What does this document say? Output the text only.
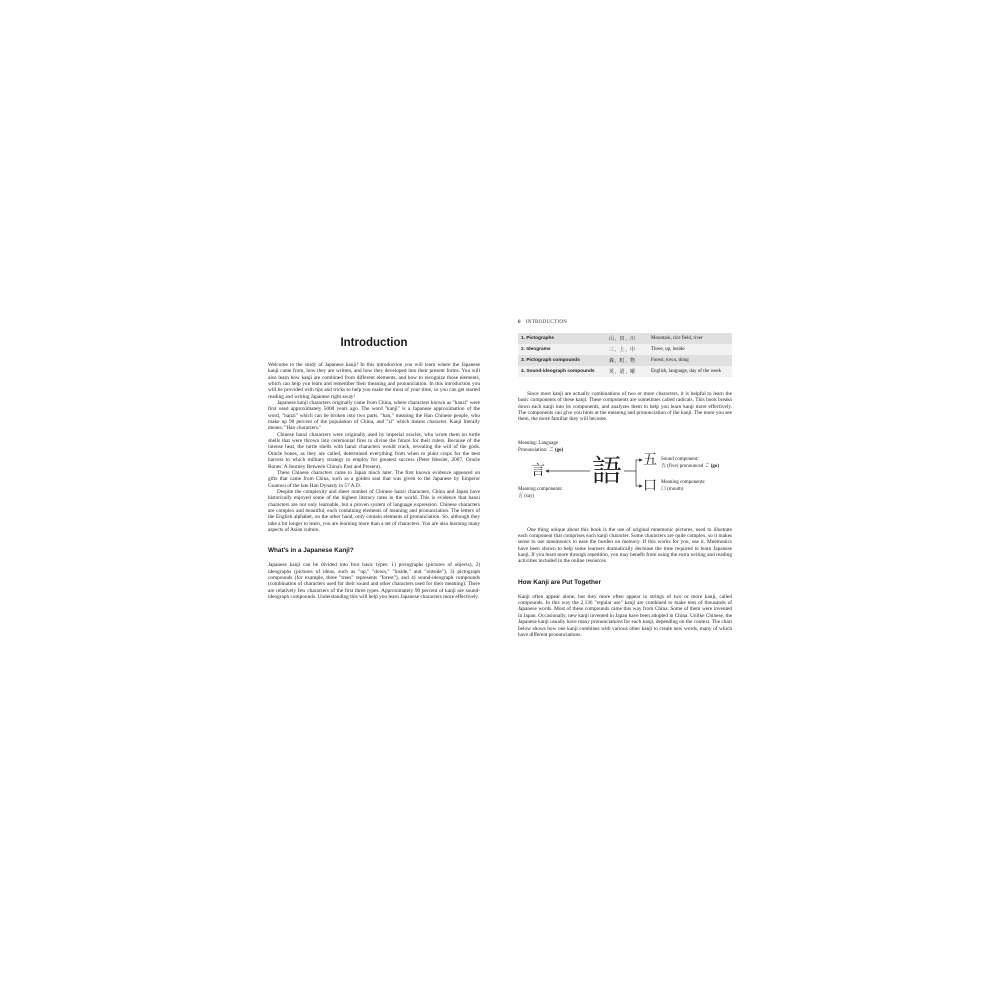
Introduction

Welcome to the study of Japanese kanji! In this introduction you will learn where the Japanese kanji came from, how they are written, and how they developed into their present forms. You will also learn how kanji are combined from different elements, and how to recognize those elements, which can help you learn and remember their meaning and pronunciation. In this introduction you will be provided with tips and tricks to help you make the most of your time, so you can get started reading and writing Japanese right away!

Japanese kanji characters originally came from China, where characters known as "hanzi" were first used approximately 5000 years ago. The word "kanji" is a Japanese approximation of the word, "hanzi" which can be broken into two parts, "han," meaning the Han Chinese people, who make up 90 percent of the population of China, and "zi" which means character. Kanji literally means, "Han characters."

Chinese hanzi characters were originally used by imperial oracles, who wrote them on turtle shells that were thrown into ceremonial fires to divine the future for their rulers. Because of the intense heat, the turtle shells with hanzi characters would crack, revealing the will of the gods. Oracle bones, as they are called, determined everything from when to plant crops for the best harvest to which military strategy to employ for greatest success (Peter Hessler, 2007, Oracle Bones: A Journey Between China's Past and Present).

These Chinese characters came to Japan much later. The first known evidence appeared on gifts that came from China, such as a golden seal that was given to the Japanese by Emperor Guanwu of the late Han Dynasty in 57 A.D.

Despite the complexity and sheer number of Chinese hanzi characters, China and Japan have historically enjoyed some of the highest literacy rates in the world. This is evidence that hanzi characters are not only learnable, but a proven system of language expression. Chinese characters are complex and beautiful, each containing elements of meaning and pronunciation. The letters of the English alphabet, on the other hand, only contain elements of pronunciation. So, although they take a bit longer to learn, you are learning more than a set of characters. You are also learning many aspects of Asian culture.

What's in a Japanese Kanji?

Japanese kanji can be divided into four basic types: 1) pictographs (pictures of objects), 2) ideographs (pictures of ideas, such as "up," "down," "inside," and "outside"), 3) pictograph compounds (for example, three "trees" represents "forest"), and 4) sound-ideograph compounds (combination of characters used for their sound and other characters used for their meaning). There are relatively few characters of the first three types. Approximately 90 percent of kanji are sound-ideograph compounds. Understanding this will help you learn Japanese characters more effectively.

6 INTRODUCTION
1. Pictographs	山, 田, 川	Mountain, rice field, river
2. Ideograms	三, 上, 中	Three, up, inside
3. Pictograph compounds	森, 町, 物	Forest, town, thing
4. Sound-ideograph compounds	英, 語, 曜	English, language, day of the week

Since most kanji are actually combinations of two or more characters, it is helpful to learn the basic components of these kanji. These components are sometimes called radicals. This book breaks down each kanji into its components, and analyzes them to help you learn kanji more effectively. The components can give you hints at the meaning and pronunciation of the kanji. The more you see them, the more familiar they will become.

Meaning: Language
Pronunciation: ご (go)
言 語 五
口
Sound component:
五 (five) pronounced ご (go)
Meaning components:
言 (say)
Meaning components:
口 (mouth)

One thing unique about this book is the use of original mnemonic pictures, used to illustrate each component that comprises each kanji character. Some characters are quite complex, so it makes sense to use mnemonics to ease the burden on memory. If this works for you, use it. Mnemonics have been shown to help some learners dramatically decrease the time required to learn Japanese kanji. If you learn more through repetition, you may benefit from using the extra writing and reading activities included in the online resources.

How Kanji are Put Together

Kanji often appear alone, but they more often appear in strings of two or more kanji, called compounds. In this way the 2,136 "regular use" kanji are combined to make tens of thousands of Japanese words. Most of these compounds came this way from China. Some of them were invented in Japan. Occasionally, new kanji invented in Japan have been adopted in China. Unlike Chinese, the Japanese kanji usually have many pronunciations for each kanji, depending on the context. The chart below shows how one kanji combines with various other kanji to create new words, many of which have different pronunciations.
